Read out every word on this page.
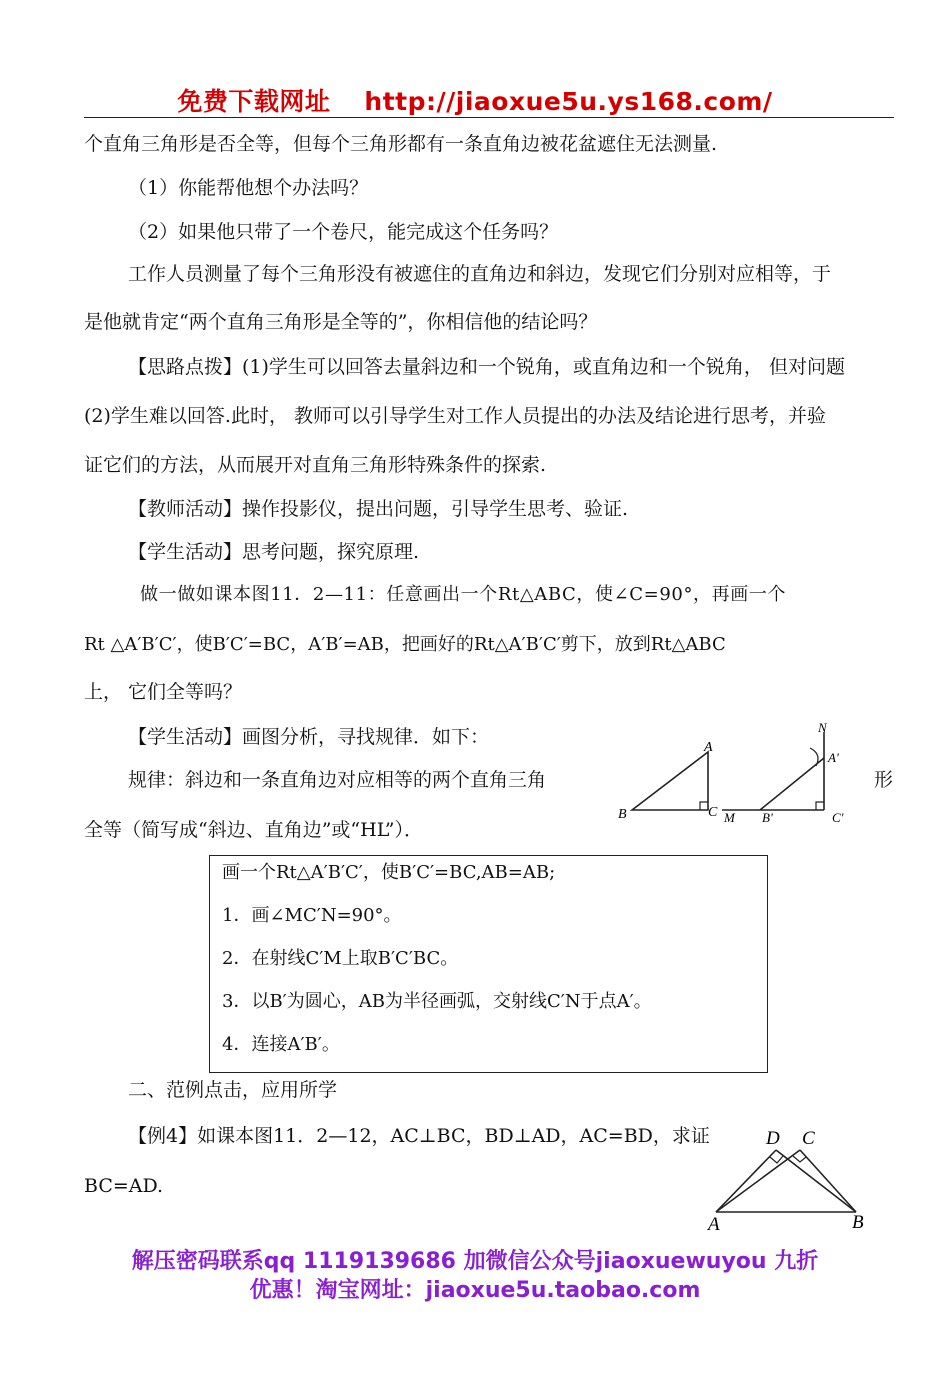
免费下载网址 http://jiaoxue5u.ys168.com/
个直角三角形是否全等，但每个三角形都有一条直角边被花盆遮住无法测量.
（1）你能帮他想个办法吗？
（2）如果他只带了一个卷尺，能完成这个任务吗？
工作人员测量了每个三角形没有被遮住的直角边和斜边，发现它们分别对应相等，于
是他就肯定“两个直角三角形是全等的”，你相信他的结论吗？
【思路点拨】(1)学生可以回答去量斜边和一个锐角，或直角边和一个锐角， 但对问题
(2)学生难以回答.此时， 教师可以引导学生对工作人员提出的办法及结论进行思考，并验
证它们的方法，从而展开对直角三角形特殊条件的探索.
【教师活动】操作投影仪，提出问题，引导学生思考、验证.
【学生活动】思考问题，探究原理.
做一做如课本图11．2—11：任意画出一个Rt△ABC，使∠C=90°，再画一个
Rt △A′B′C′，使B′C′=BC，A′B′=AB，把画好的Rt△A′B′C′剪下，放到Rt△ABC
上， 它们全等吗？
【学生活动】画图分析，寻找规律．如下：
规律：斜边和一条直角边对应相等的两个直角三角	形
全等（简写成“斜边、直角边”或“HL”）．
A
B	C
N
A'
M B'	C'
画一个Rt△A′B′C′，使B′C′=BC,AB=AB;
1．画∠MC′N=90°。
2．在射线C′M上取B′C′BC。
3．以B′为圆心，AB为半径画弧，交射线C′N于点A′。
4．连接A′B′。
二、范例点击，应用所学
【例4】如课本图11．2—12，AC⊥BC，BD⊥AD，AC=BD，求证
BC=AD.
D C
A	B
解压密码联系qq 1119139686 加微信公众号jiaoxuewuyou 九折
优惠！淘宝网址：jiaoxue5u.taobao.com
